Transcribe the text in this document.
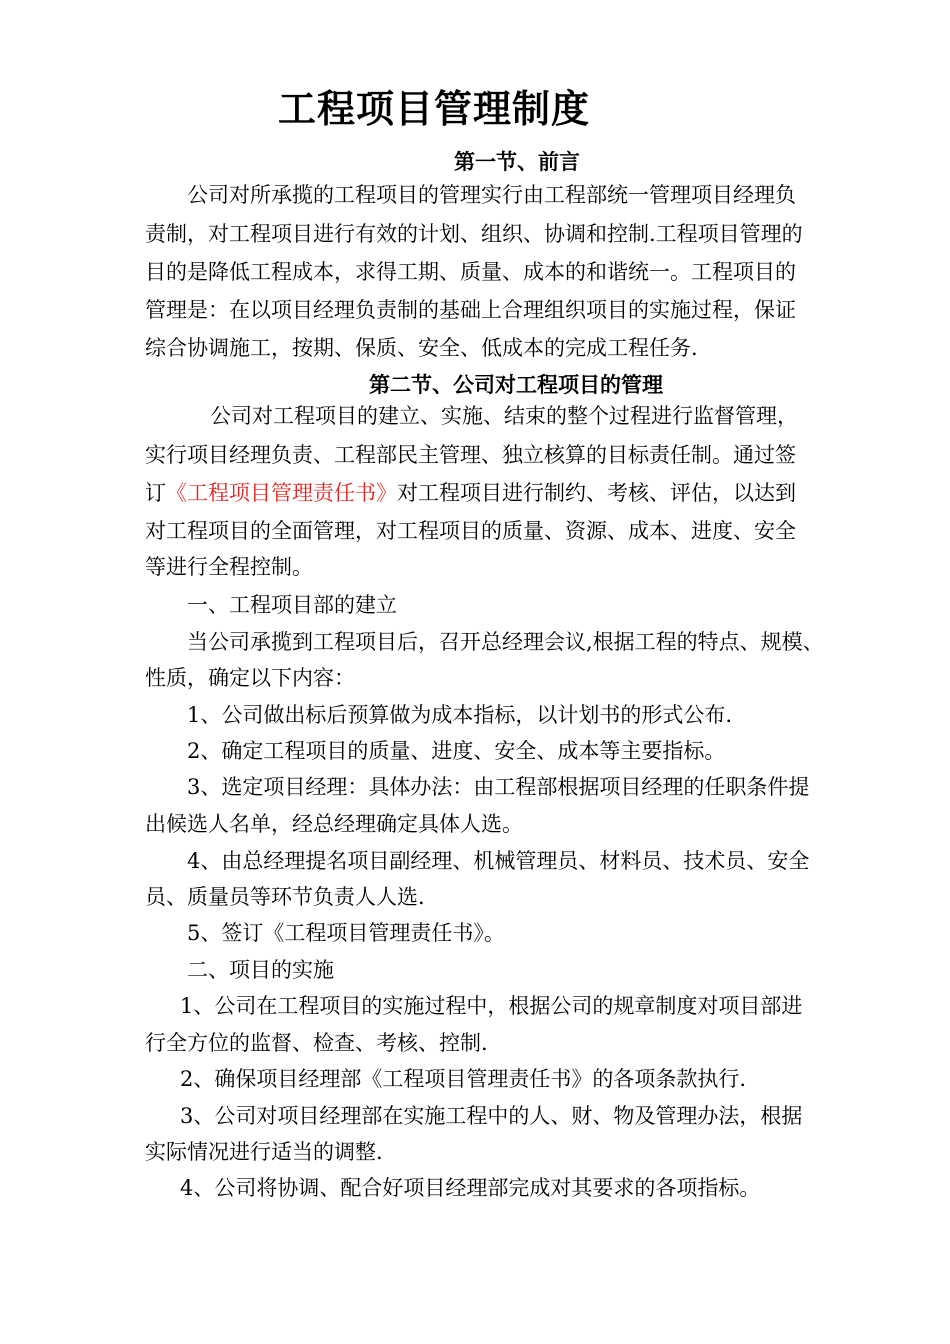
工程项目管理制度
第一节、前言
公司对所承揽的工程项目的管理实行由工程部统一管理项目经理负
责制，对工程项目进行有效的计划、组织、协调和控制.工程项目管理的
目的是降低工程成本，求得工期、质量、成本的和谐统一。工程项目的
管理是：在以项目经理负责制的基础上合理组织项目的实施过程，保证
综合协调施工，按期、保质、安全、低成本的完成工程任务.
第二节、公司对工程项目的管理
公司对工程项目的建立、实施、结束的整个过程进行监督管理，
实行项目经理负责、工程部民主管理、独立核算的目标责任制。通过签
订《工程项目管理责任书》对工程项目进行制约、考核、评估，以达到
对工程项目的全面管理，对工程项目的质量、资源、成本、进度、安全
等进行全程控制。
一、工程项目部的建立
当公司承揽到工程项目后，召开总经理会议,根据工程的特点、规模、
性质，确定以下内容：
1、公司做出标后预算做为成本指标，以计划书的形式公布.
2、确定工程项目的质量、进度、安全、成本等主要指标。
3、选定项目经理：具体办法：由工程部根据项目经理的任职条件提
出候选人名单，经总经理确定具体人选。
4、由总经理提名项目副经理、机械管理员、材料员、技术员、安全
员、质量员等环节负责人人选.
5、签订《工程项目管理责任书》。
二、项目的实施
1、公司在工程项目的实施过程中，根据公司的规章制度对项目部进
行全方位的监督、检查、考核、控制.
2、确保项目经理部《工程项目管理责任书》的各项条款执行.
3、公司对项目经理部在实施工程中的人、财、物及管理办法，根据
实际情况进行适当的调整.
4、公司将协调、配合好项目经理部完成对其要求的各项指标。
